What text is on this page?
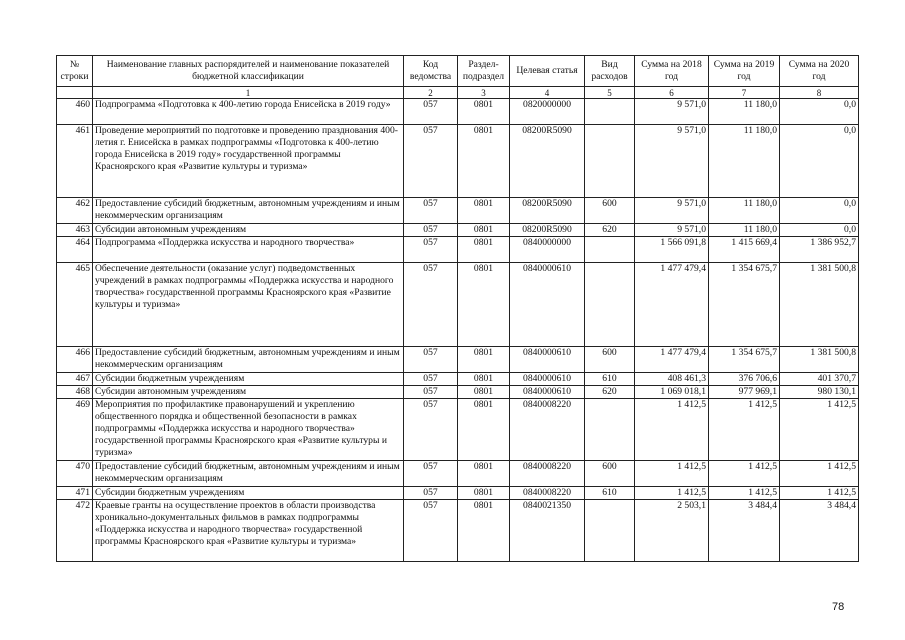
№ строки	Наименование главных распорядителей и наименование показателей бюджетной классификации	Код ведомства	Раздел-подраздел	Целевая статья	Вид расходов	Сумма на 2018 год	Сумма на 2019 год	Сумма на 2020 год
	1	2	3	4	5	6	7	8
460	Подпрограмма «Подготовка к 400-летию города Енисейска в 2019 году»	057	0801	0820000000		9 571,0	11 180,0	0,0
461	Проведение мероприятий по подготовке и проведению празднования 400-летия г. Енисейска в рамках подпрограммы «Подготовка к 400-летию города Енисейска в 2019 году» государственной программы Красноярского края «Развитие культуры и туризма»	057	0801	08200R5090		9 571,0	11 180,0	0,0
462	Предоставление субсидий бюджетным, автономным учреждениям и иным некоммерческим организациям	057	0801	08200R5090	600	9 571,0	11 180,0	0,0
463	Субсидии автономным учреждениям	057	0801	08200R5090	620	9 571,0	11 180,0	0,0
464	Подпрограмма «Поддержка искусства и народного творчества»	057	0801	0840000000		1 566 091,8	1 415 669,4	1 386 952,7
465	Обеспечение деятельности (оказание услуг) подведомственных учреждений в рамках подпрограммы «Поддержка искусства и народного творчества» государственной программы Красноярского края «Развитие культуры и туризма»	057	0801	0840000610		1 477 479,4	1 354 675,7	1 381 500,8
466	Предоставление субсидий бюджетным, автономным учреждениям и иным некоммерческим организациям	057	0801	0840000610	600	1 477 479,4	1 354 675,7	1 381 500,8
467	Субсидии бюджетным учреждениям	057	0801	0840000610	610	408 461,3	376 706,6	401 370,7
468	Субсидии автономным учреждениям	057	0801	0840000610	620	1 069 018,1	977 969,1	980 130,1
469	Мероприятия по профилактике правонарушений и укреплению общественного порядка и общественной безопасности в рамках подпрограммы «Поддержка искусства и народного творчества» государственной программы Красноярского края «Развитие культуры и туризма»	057	0801	0840008220		1 412,5	1 412,5	1 412,5
470	Предоставление субсидий бюджетным, автономным учреждениям и иным некоммерческим организациям	057	0801	0840008220	600	1 412,5	1 412,5	1 412,5
471	Субсидии бюджетным учреждениям	057	0801	0840008220	610	1 412,5	1 412,5	1 412,5
472	Краевые гранты на осуществление проектов в области производства хроникально-документальных фильмов в рамках подпрограммы «Поддержка искусства и народного творчества» государственной программы Красноярского края «Развитие культуры и туризма»	057	0801	0840021350		2 503,1	3 484,4	3 484,4
78
